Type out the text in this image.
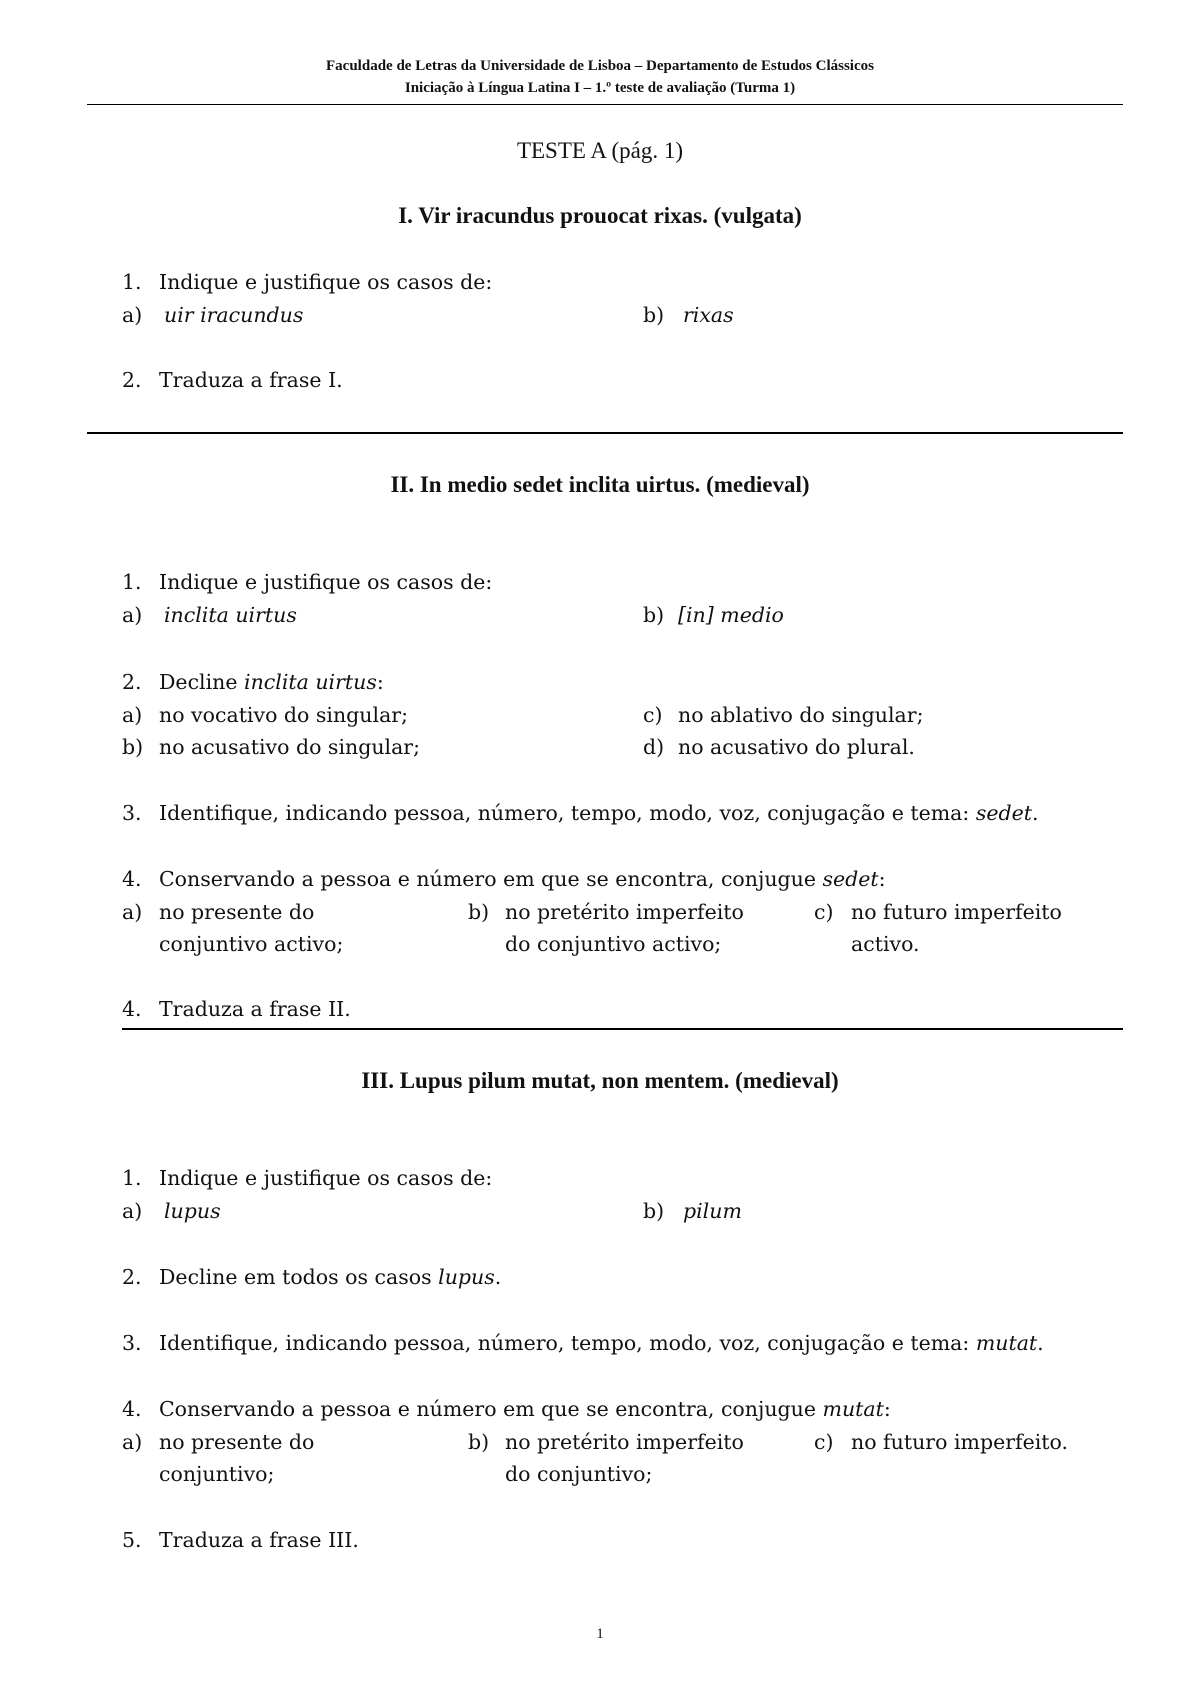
Faculdade de Letras da Universidade de Lisboa – Departamento de Estudos Clássicos
Iniciação à Língua Latina I – 1.º teste de avaliação (Turma 1)
TESTE A (pág. 1)
I. Vir iracundus prouocat rixas. (vulgata)
1. Indique e justifique os casos de:
a)	uir iracundus	b) rixas
2. Traduza a frase I.
II. In medio sedet inclita uirtus. (medieval)
1. Indique e justifique os casos de:
a)	inclita uirtus	b) [in] medio
2. Decline inclita uirtus:
a) no vocativo do singular;	c) no ablativo do singular;
b) no acusativo do singular;	d) no acusativo do plural.
3. Identifique, indicando pessoa, número, tempo, modo, voz, conjugação e tema: sedet.
4. Conservando a pessoa e número em que se encontra, conjugue sedet:
a) no presente do
conjuntivo activo;
b) no pretérito imperfeito
do conjuntivo activo;
c) no futuro imperfeito
activo.
4. Traduza a frase II.
III. Lupus pilum mutat, non mentem. (medieval)
1. Indique e justifique os casos de:
a)	lupus	b) pilum
2. Decline em todos os casos lupus.
3. Identifique, indicando pessoa, número, tempo, modo, voz, conjugação e tema: mutat.
4. Conservando a pessoa e número em que se encontra, conjugue mutat:
a) no presente do
conjuntivo;
b) no pretérito imperfeito
do conjuntivo;
c) no futuro imperfeito.
5. Traduza a frase III.
1
